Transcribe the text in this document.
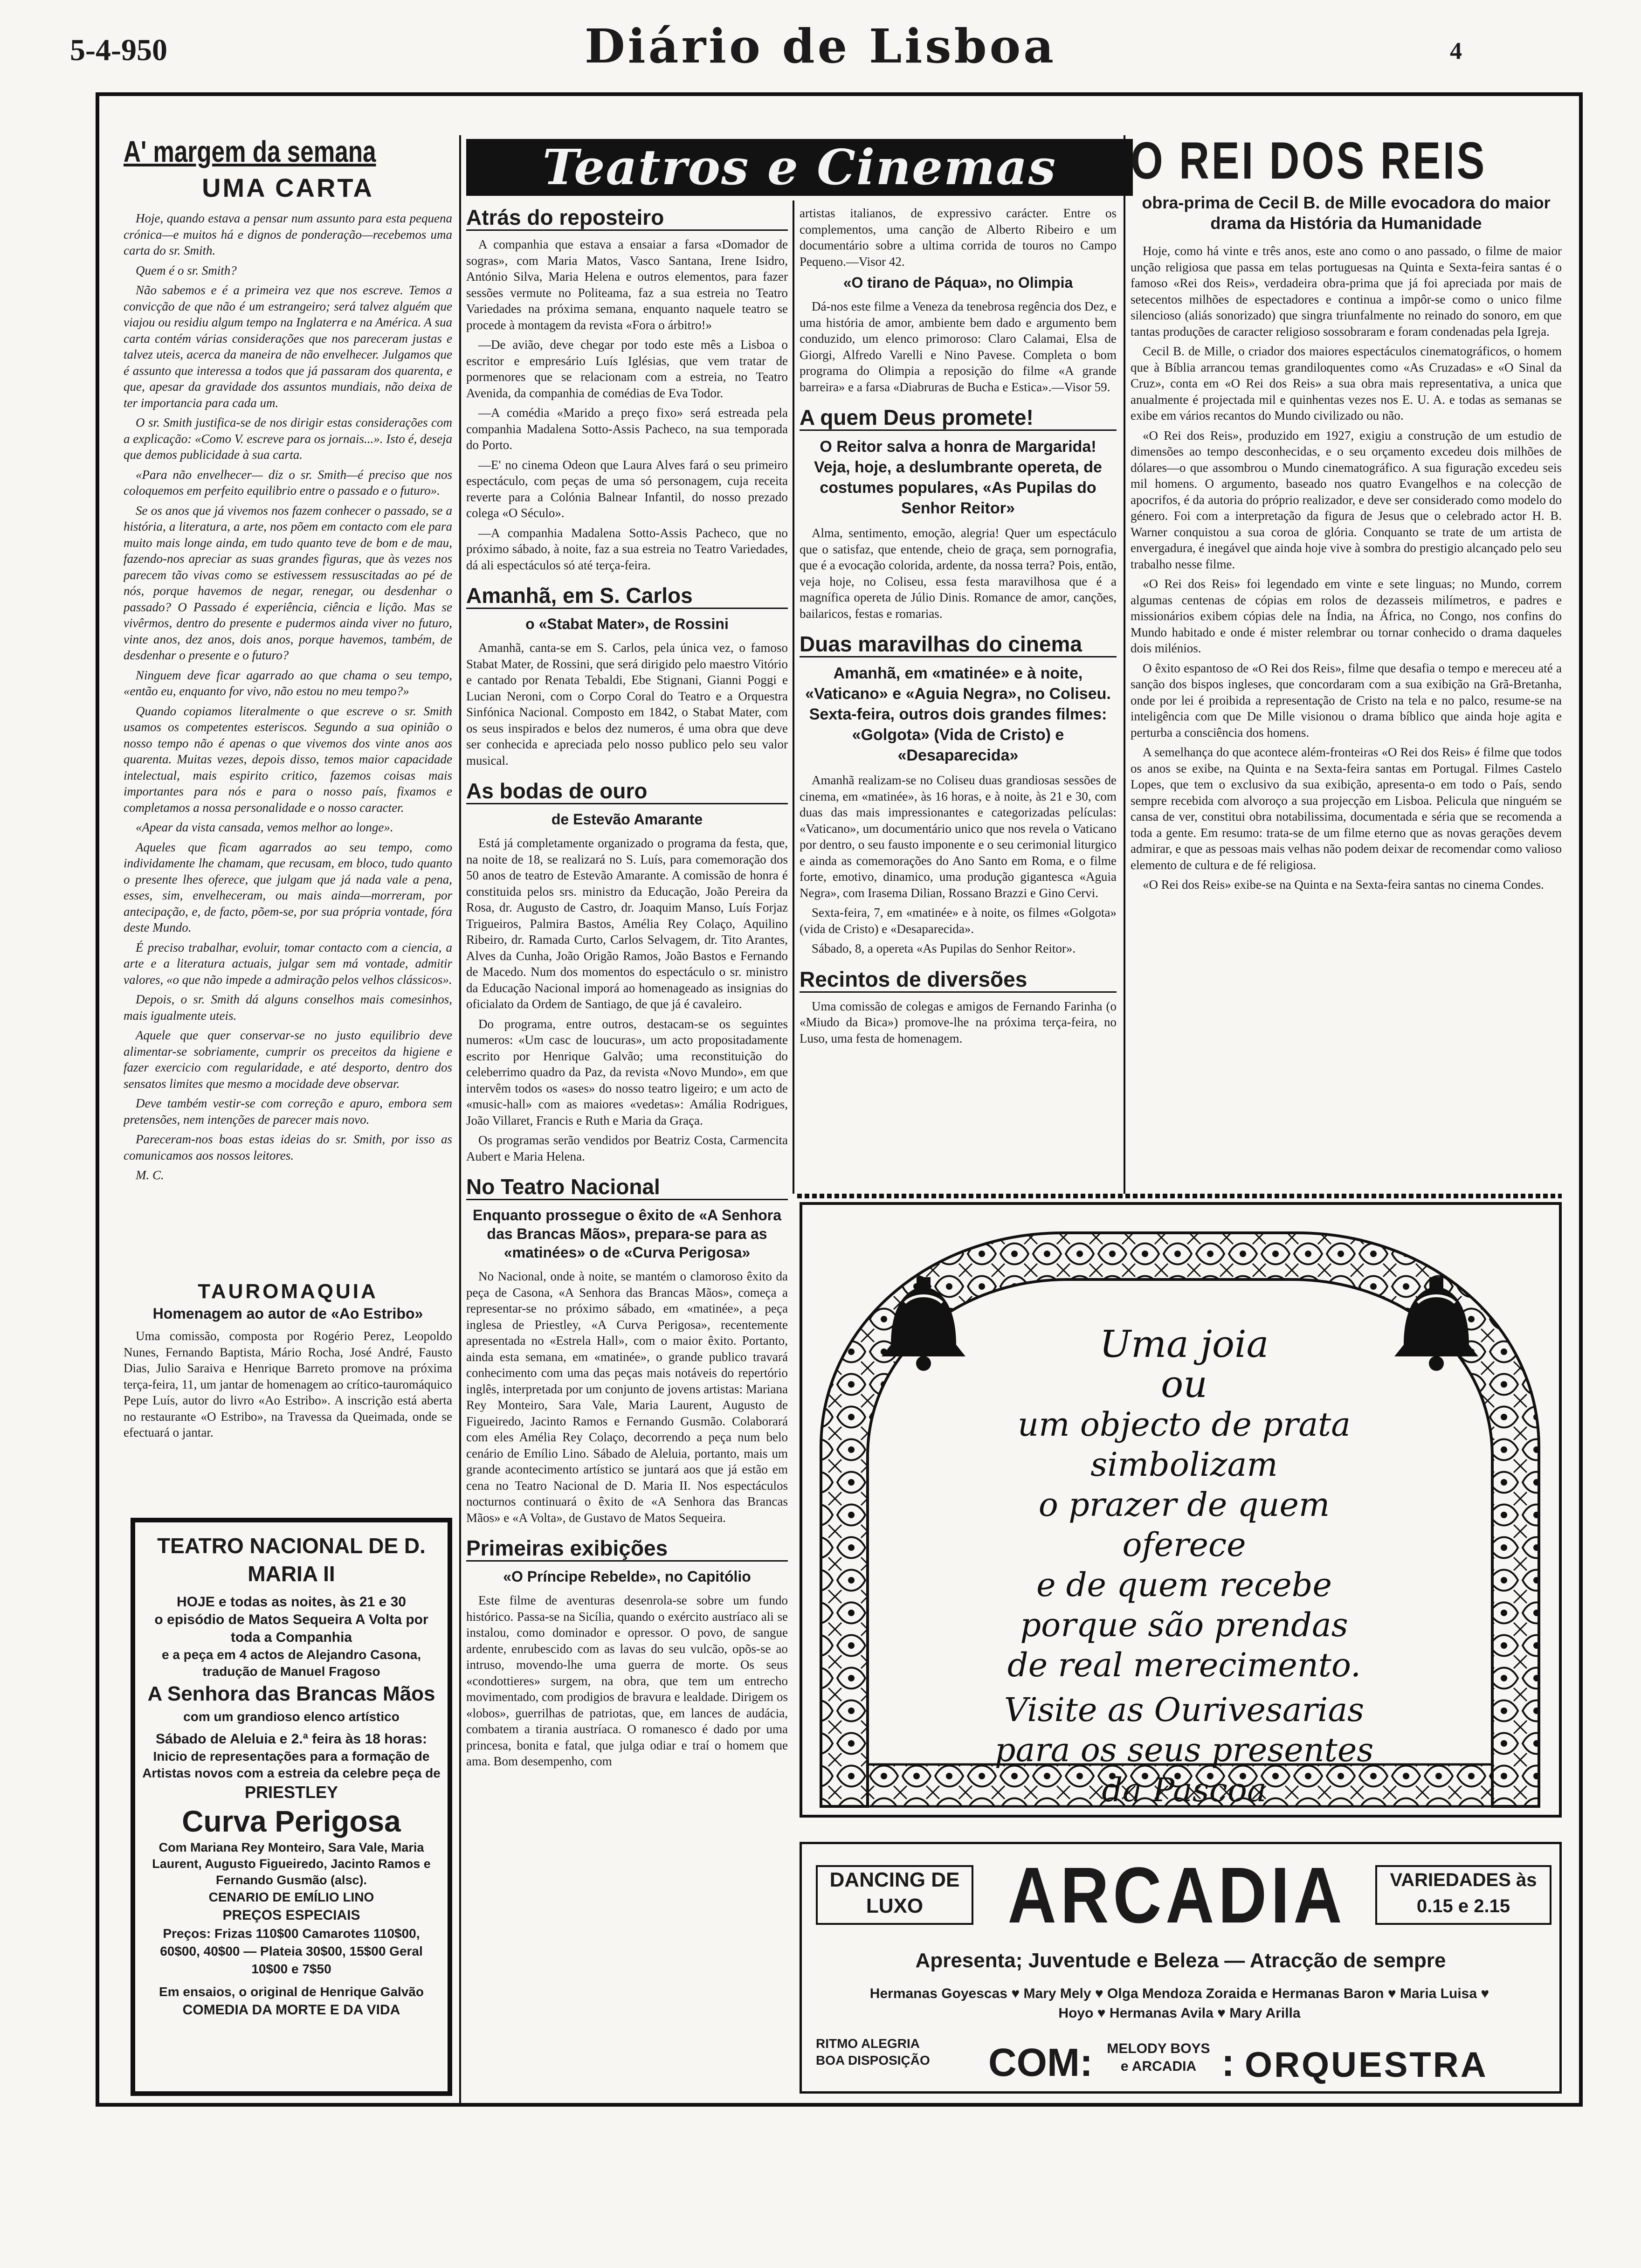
5-4-950	Diário de Lisboa	4
A' margem da semana
UMA CARTA

Hoje, quando estava a pensar num assunto para esta pequena crónica—e muitos há e dignos de ponderação—recebemos uma carta do sr. Smith.

Quem é o sr. Smith?

Não sabemos e é a primeira vez que nos escreve. Temos a convicção de que não é um estrangeiro; será talvez alguém que viajou ou residiu algum tempo na Inglaterra e na América. A sua carta contém várias considerações que nos pareceram justas e talvez uteis, acerca da maneira de não envelhecer. Julgamos que é assunto que interessa a todos que já passaram dos quarenta, e que, apesar da gravidade dos assuntos mundiais, não deixa de ter importancia para cada um.

O sr. Smith justifica-se de nos dirigir estas considerações com a explicação: «Como V. escreve para os jornais...». Isto é, deseja que demos publicidade à sua carta.

«Para não envelhecer— diz o sr. Smith—é preciso que nos coloquemos em perfeito equilibrio entre o passado e o futuro».

Se os anos que já vivemos nos fazem conhecer o passado, se a história, a literatura, a arte, nos põem em contacto com ele para muito mais longe ainda, em tudo quanto teve de bom e de mau, fazendo-nos apreciar as suas grandes figuras, que às vezes nos parecem tão vivas como se estivessem ressuscitadas ao pé de nós, porque havemos de negar, renegar, ou desdenhar o passado? O Passado é experiência, ciência e lição. Mas se vivêrmos, dentro do presente e pudermos ainda viver no futuro, vinte anos, dez anos, dois anos, porque havemos, também, de desdenhar o presente e o futuro?

Ninguem deve ficar agarrado ao que chama o seu tempo, «então eu, enquanto for vivo, não estou no meu tempo?»

Quando copiamos literalmente o que escreve o sr. Smith usamos os competentes esteriscos. Segundo a sua opinião o nosso tempo não é apenas o que vivemos dos vinte anos aos quarenta. Muitas vezes, depois disso, temos maior capacidade intelectual, mais espirito critico, fazemos coisas mais importantes para nós e para o nosso país, fixamos e completamos a nossa personalidade e o nosso caracter.

«Apear da vista cansada, vemos melhor ao longe».

Aqueles que ficam agarrados ao seu tempo, como individamente lhe chamam, que recusam, em bloco, tudo quanto o presente lhes oferece, que julgam que já nada vale a pena, esses, sim, envelheceram, ou mais ainda—morreram, por antecipação, e, de facto, põem-se, por sua própria vontade, fóra deste Mundo.

É preciso trabalhar, evoluir, tomar contacto com a ciencia, a arte e a literatura actuais, julgar sem má vontade, admitir valores, «o que não impede a admiração pelos velhos clássicos».

Depois, o sr. Smith dá alguns conselhos mais comesinhos, mais igualmente uteis.

Aquele que quer conservar-se no justo equilibrio deve alimentar-se sobriamente, cumprir os preceitos da higiene e fazer exercicio com regularidade, e até desporto, dentro dos sensatos limites que mesmo a mocidade deve observar.

Deve também vestir-se com correção e apuro, embora sem pretensões, nem intenções de parecer mais novo.

Pareceram-nos boas estas ideias do sr. Smith, por isso as comunicamos aos nossos leitores.

M. C.

TAUROMAQUIA
Homenagem ao autor de «Ao Estribo»

Uma comissão, composta por Rogério Perez, Leopoldo Nunes, Fernando Baptista, Mário Rocha, José André, Fausto Dias, Julio Saraiva e Henrique Barreto promove na próxima terça-feira, 11, um jantar de homenagem ao crítico-tauromáquico Pepe Luís, autor do livro «Ao Estribo». A inscrição está aberta no restaurante «O Estribo», na Travessa da Queimada, onde se efectuará o jantar.

TEATRO NACIONAL DE D. MARIA II

HOJE e todas as noites, às 21 e 30

o episódio de Matos Sequeira A Volta por toda a Companhia

e a peça em 4 actos de Alejandro Casona, tradução de Manuel Fragoso

A Senhora das Brancas Mãos

com um grandioso elenco artístico

Sábado de Aleluia e 2.ª feira às 18 horas:

Inicio de representações para a formação de Artistas novos com a estreia da celebre peça de

PRIESTLEY

Curva Perigosa

Com Mariana Rey Monteiro, Sara Vale, Maria Laurent, Augusto Figueiredo, Jacinto Ramos e Fernando Gusmão (alsc).

CENARIO DE EMÍLIO LINO

PREÇOS ESPECIAIS

Preços: Frizas 110$00 Camarotes 110$00, 60$00, 40$00 — Plateia 30$00, 15$00 Geral 10$00 e 7$50

Em ensaios, o original de Henrique Galvão

COMEDIA DA MORTE E DA VIDA

Teatros e Cinemas
Atrás do reposteiro

A companhia que estava a ensaiar a farsa «Domador de sogras», com Maria Matos, Vasco Santana, Irene Isidro, António Silva, Maria Helena e outros elementos, para fazer sessões vermute no Politeama, faz a sua estreia no Teatro Variedades na próxima semana, enquanto naquele teatro se procede à montagem da revista «Fora o árbitro!»

—De avião, deve chegar por todo este mês a Lisboa o escritor e empresário Luís Iglésias, que vem tratar de pormenores que se relacionam com a estreia, no Teatro Avenida, da companhia de comédias de Eva Todor.

—A comédia «Marido a preço fixo» será estreada pela companhia Madalena Sotto-Assis Pacheco, na sua temporada do Porto.

—E' no cinema Odeon que Laura Alves fará o seu primeiro espectáculo, com peças de uma só personagem, cuja receita reverte para a Colónia Balnear Infantil, do nosso prezado colega «O Século».

—A companhia Madalena Sotto-Assis Pacheco, que no próximo sábado, à noite, faz a sua estreia no Teatro Variedades, dá ali espectáculos só até terça-feira.

Amanhã, em S. Carlos
o «Stabat Mater», de Rossini

Amanhã, canta-se em S. Carlos, pela única vez, o famoso Stabat Mater, de Rossini, que será dirigido pelo maestro Vitório e cantado por Renata Tebaldi, Ebe Stignani, Gianni Poggi e Lucian Neroni, com o Corpo Coral do Teatro e a Orquestra Sinfónica Nacional. Composto em 1842, o Stabat Mater, com os seus inspirados e belos dez numeros, é uma obra que deve ser conhecida e apreciada pelo nosso publico pelo seu valor musical.

As bodas de ouro
de Estevão Amarante

Está já completamente organizado o programa da festa, que, na noite de 18, se realizará no S. Luís, para comemoração dos 50 anos de teatro de Estevão Amarante. A comissão de honra é constituida pelos srs. ministro da Educação, João Pereira da Rosa, dr. Augusto de Castro, dr. Joaquim Manso, Luís Forjaz Trigueiros, Palmira Bastos, Amélia Rey Colaço, Aquilino Ribeiro, dr. Ramada Curto, Carlos Selvagem, dr. Tito Arantes, Alves da Cunha, João Origão Ramos, João Bastos e Fernando de Macedo. Num dos momentos do espectáculo o sr. ministro da Educação Nacional imporá ao homenageado as insignias do oficialato da Ordem de Santiago, de que já é cavaleiro.

Do programa, entre outros, destacam-se os seguintes numeros: «Um casc de loucuras», um acto propositadamente escrito por Henrique Galvão; uma reconstituição do celeberrimo quadro da Paz, da revista «Novo Mundo», em que intervêm todos os «ases» do nosso teatro ligeiro; e um acto de «music-hall» com as maiores «vedetas»: Amália Rodrigues, João Villaret, Francis e Ruth e Maria da Graça.

Os programas serão vendidos por Beatriz Costa, Carmencita Aubert e Maria Helena.

No Teatro Nacional
Enquanto prossegue o êxito de «A Senhora das Brancas Mãos», prepara-se para as «matinées» o de «Curva Perigosa»

No Nacional, onde à noite, se mantém o clamoroso êxito da peça de Casona, «A Senhora das Brancas Mãos», começa a representar-se no próximo sábado, em «matinée», a peça inglesa de Priestley, «A Curva Perigosa», recentemente apresentada no «Estrela Hall», com o maior êxito. Portanto, ainda esta semana, em «matinée», o grande publico travará conhecimento com uma das peças mais notáveis do repertório inglês, interpretada por um conjunto de jovens artistas: Mariana Rey Monteiro, Sara Vale, Maria Laurent, Augusto de Figueiredo, Jacinto Ramos e Fernando Gusmão. Colaborará com eles Amélia Rey Colaço, decorrendo a peça num belo cenário de Emílio Lino. Sábado de Aleluia, portanto, mais um grande acontecimento artístico se juntará aos que já estão em cena no Teatro Nacional de D. Maria II. Nos espectáculos nocturnos continuará o êxito de «A Senhora das Brancas Mãos» e «A Volta», de Gustavo de Matos Sequeira.

Primeiras exibições
«O Príncipe Rebelde», no Capitólio

Este filme de aventuras desenrola-se sobre um fundo histórico. Passa-se na Sicília, quando o exército austríaco ali se instalou, como dominador e opressor. O povo, de sangue ardente, enrubescido com as lavas do seu vulcão, opõs-se ao intruso, movendo-lhe uma guerra de morte. Os seus «condottieres» surgem, na obra, que tem um entrecho movimentado, com prodigios de bravura e lealdade. Dirigem os «lobos», guerrilhas de patriotas, que, em lances de audácia, combatem a tirania austríaca. O romanesco é dado por uma princesa, bonita e fatal, que julga odiar e traí o homem que ama. Bom desempenho, com

artistas italianos, de expressivo carácter. Entre os complementos, uma canção de Alberto Ribeiro e um documentário sobre a ultima corrida de touros no Campo Pequeno.—Visor 42.

«O tirano de Páqua», no Olimpia

Dá-nos este filme a Veneza da tenebrosa regência dos Dez, e uma história de amor, ambiente bem dado e argumento bem conduzido, um elenco primoroso: Claro Calamai, Elsa de Giorgi, Alfredo Varelli e Nino Pavese. Completa o bom programa do Olimpia a reposição do filme «A grande barreira» e a farsa «Diabruras de Bucha e Estica».—Visor 59.

A quem Deus promete!
O Reitor salva a honra de Margarida! Veja, hoje, a deslumbrante opereta, de costumes populares, «As Pupilas do Senhor Reitor»

Alma, sentimento, emoção, alegria! Quer um espectáculo que o satisfaz, que entende, cheio de graça, sem pornografia, que é a evocação colorida, ardente, da nossa terra? Pois, então, veja hoje, no Coliseu, essa festa maravilhosa que é a magnífica opereta de Júlio Dinis. Romance de amor, canções, bailaricos, festas e romarias.

Duas maravilhas do cinema
Amanhã, em «matinée» e à noite, «Vaticano» e «Aguia Negra», no Coliseu. Sexta-feira, outros dois grandes filmes: «Golgota» (Vida de Cristo) e «Desaparecida»

Amanhã realizam-se no Coliseu duas grandiosas sessões de cinema, em «matinée», às 16 horas, e à noite, às 21 e 30, com duas das mais impressionantes e categorizadas películas: «Vaticano», um documentário unico que nos revela o Vaticano por dentro, o seu fausto imponente e o seu cerimonial liturgico e ainda as comemorações do Ano Santo em Roma, e o filme forte, emotivo, dinamico, uma produção gigantesca «Aguia Negra», com Irasema Dilian, Rossano Brazzi e Gino Cervi.

Sexta-feira, 7, em «matinée» e à noite, os filmes «Golgota» (vida de Cristo) e «Desaparecida».

Sábado, 8, a opereta «As Pupilas do Senhor Reitor».

Recintos de diversões

Uma comissão de colegas e amigos de Fernando Farinha (o «Miudo da Bica») promove-lhe na próxima terça-feira, no Luso, uma festa de homenagem.

O REI DOS REIS
obra-prima de Cecil B. de Mille evocadora do maior drama da História da Humanidade

Hoje, como há vinte e três anos, este ano como o ano passado, o filme de maior unção religiosa que passa em telas portuguesas na Quinta e Sexta-feira santas é o famoso «Rei dos Reis», verdadeira obra-prima que já foi apreciada por mais de setecentos milhões de espectadores e continua a impôr-se como o unico filme silencioso (aliás sonorizado) que singra triunfalmente no reinado do sonoro, em que tantas produções de caracter religioso sossobraram e foram condenadas pela Igreja.

Cecil B. de Mille, o criador dos maiores espectáculos cinematográficos, o homem que à Bíblia arrancou temas grandiloquentes como «As Cruzadas» e «O Sinal da Cruz», conta em «O Rei dos Reis» a sua obra mais representativa, a unica que anualmente é projectada mil e quinhentas vezes nos E. U. A. e todas as semanas se exibe em vários recantos do Mundo civilizado ou não.

«O Rei dos Reis», produzido em 1927, exigiu a construção de um estudio de dimensões ao tempo desconhecidas, e o seu orçamento excedeu dois milhões de dólares—o que assombrou o Mundo cinematográfico. A sua figuração excedeu seis mil homens. O argumento, baseado nos quatro Evangelhos e na colecção de apocrifos, é da autoria do próprio realizador, e deve ser considerado como modelo do género. Foi com a interpretação da figura de Jesus que o celebrado actor H. B. Warner conquistou a sua coroa de glória. Conquanto se trate de um artista de envergadura, é inegável que ainda hoje vive à sombra do prestigio alcançado pelo seu trabalho nesse filme.

«O Rei dos Reis» foi legendado em vinte e sete linguas; no Mundo, correm algumas centenas de cópias em rolos de dezasseis milímetros, e padres e missionários exibem cópias dele na Índia, na África, no Congo, nos confins do Mundo habitado e onde é mister relembrar ou tornar conhecido o drama daqueles dois milénios.

O êxito espantoso de «O Rei dos Reis», filme que desafia o tempo e mereceu até a sanção dos bispos ingleses, que concordaram com a sua exibição na Grã-Bretanha, onde por lei é proibida a representação de Cristo na tela e no palco, resume-se na inteligência com que De Mille visionou o drama bíblico que ainda hoje agita e perturba a consciência dos homens.

A semelhança do que acontece além-fronteiras «O Rei dos Reis» é filme que todos os anos se exibe, na Quinta e na Sexta-feira santas em Portugal. Filmes Castelo Lopes, que tem o exclusivo da sua exibição, apresenta-o em todo o País, sendo sempre recebida com alvoroço a sua projecção em Lisboa. Pelicula que ninguém se cansa de ver, constitui obra notabilissima, documentada e séria que se recomenda a toda a gente. Em resumo: trata-se de um filme eterno que as novas gerações devem admirar, e que as pessoas mais velhas não podem deixar de recomendar como valioso elemento de cultura e de fé religiosa.

«O Rei dos Reis» exibe-se na Quinta e na Sexta-feira santas no cinema Condes.

Uma joia
ou
um objecto de prata
simbolizam
o prazer de quem oferece
e de quem recebe
porque são prendas
de real merecimento.
Visite as Ourivesarias
para os seus presentes
da Pascoa
DANCING DE LUXO	ARCADIA	VARIEDADES às 0.15 e 2.15
Apresenta; Juventude e Beleza — Atracção de sempre
Hermanas Goyescas ♥ Mary Mely ♥ Olga Mendoza Zoraida e Hermanas Baron ♥ Maria Luisa ♥ Hoyo ♥ Hermanas Avila ♥ Mary Arilla
RITMO ALEGRIA BOA DISPOSIÇÃO	COM: MELODY BOYS e ARCADIA : ORQUESTRA
